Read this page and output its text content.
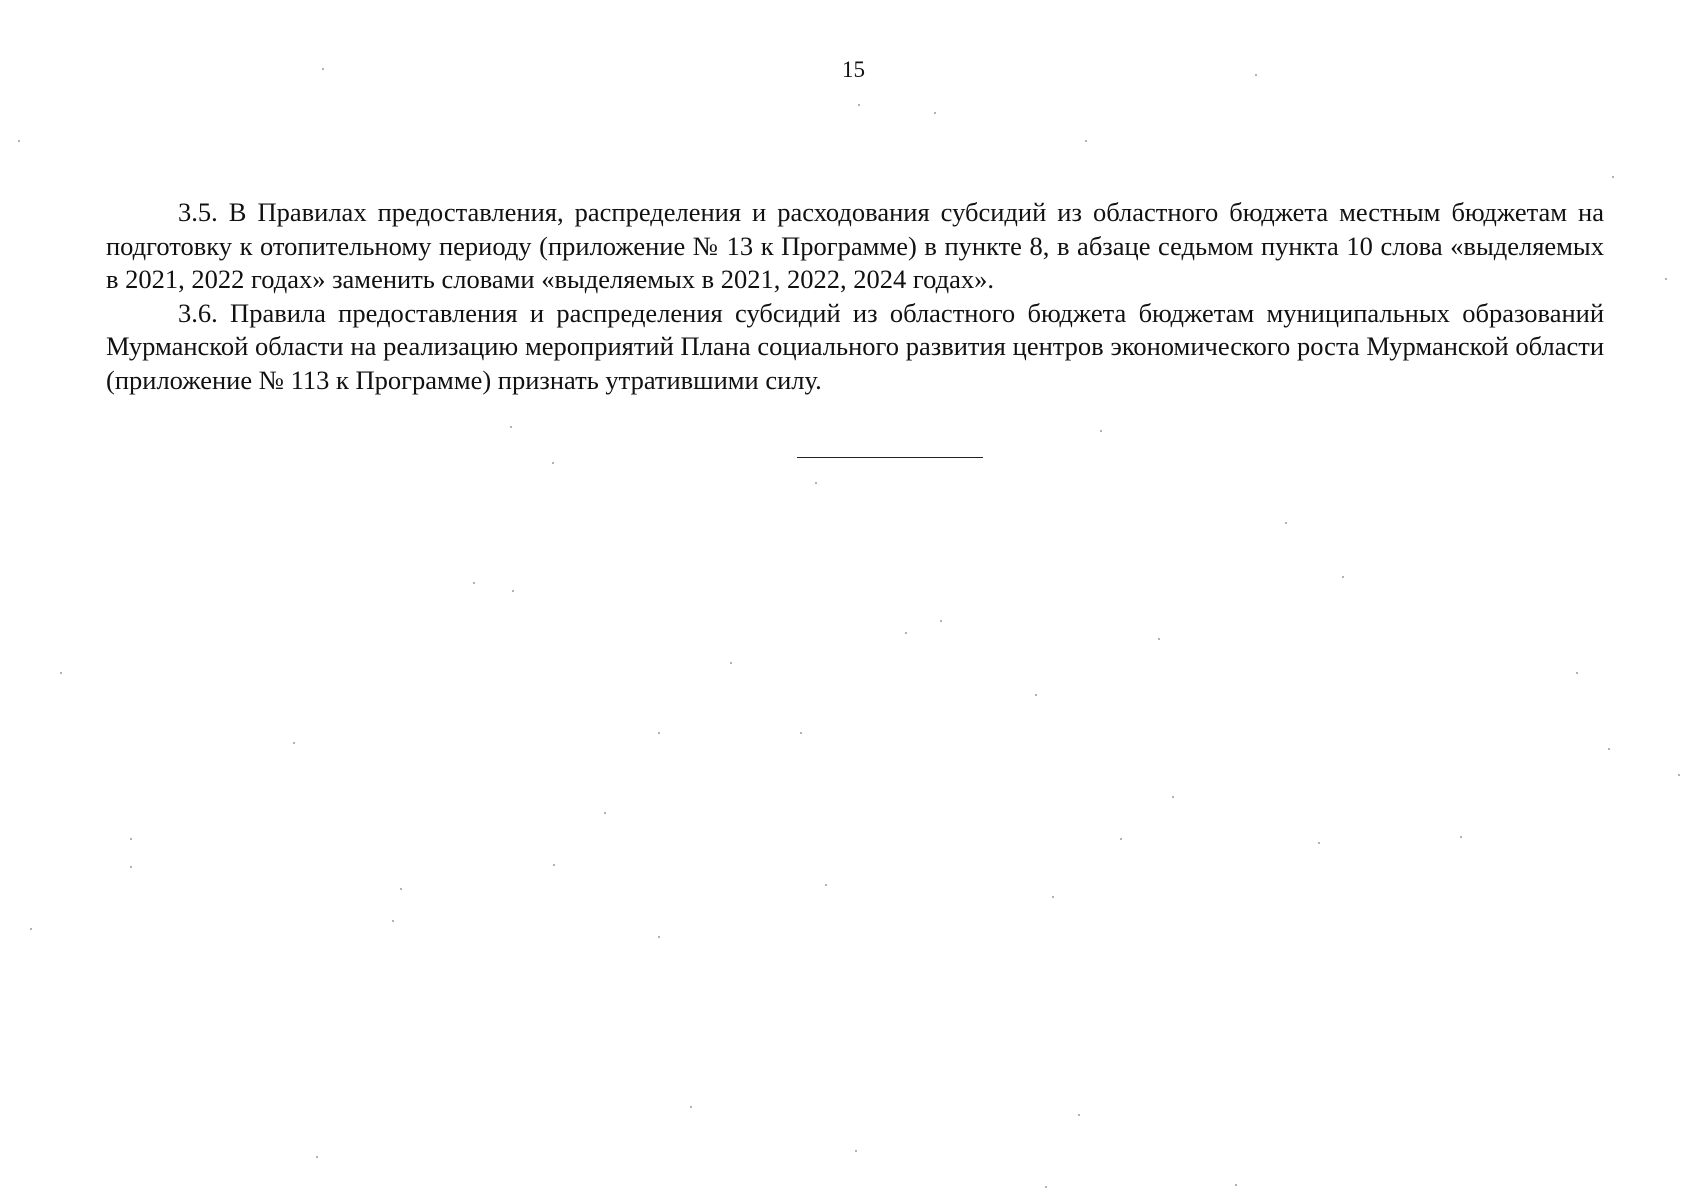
15

3.5. В Правилах предоставления, распределения и расходования субсидий из областного бюджета местным бюджетам на подготовку к отопительному периоду (приложение № 13 к Программе) в пункте 8, в абзаце седьмом пункта 10 слова «выделяемых в 2021, 2022 годах» заменить словами «выделяемых в 2021, 2022, 2024 годах».

3.6. Правила предоставления и распределения субсидий из областного бюджета бюджетам муниципальных образований Мурманской области на реализацию мероприятий Плана социального развития центров экономического роста Мурманской области (приложение № 113 к Программе) признать утратившими силу.
